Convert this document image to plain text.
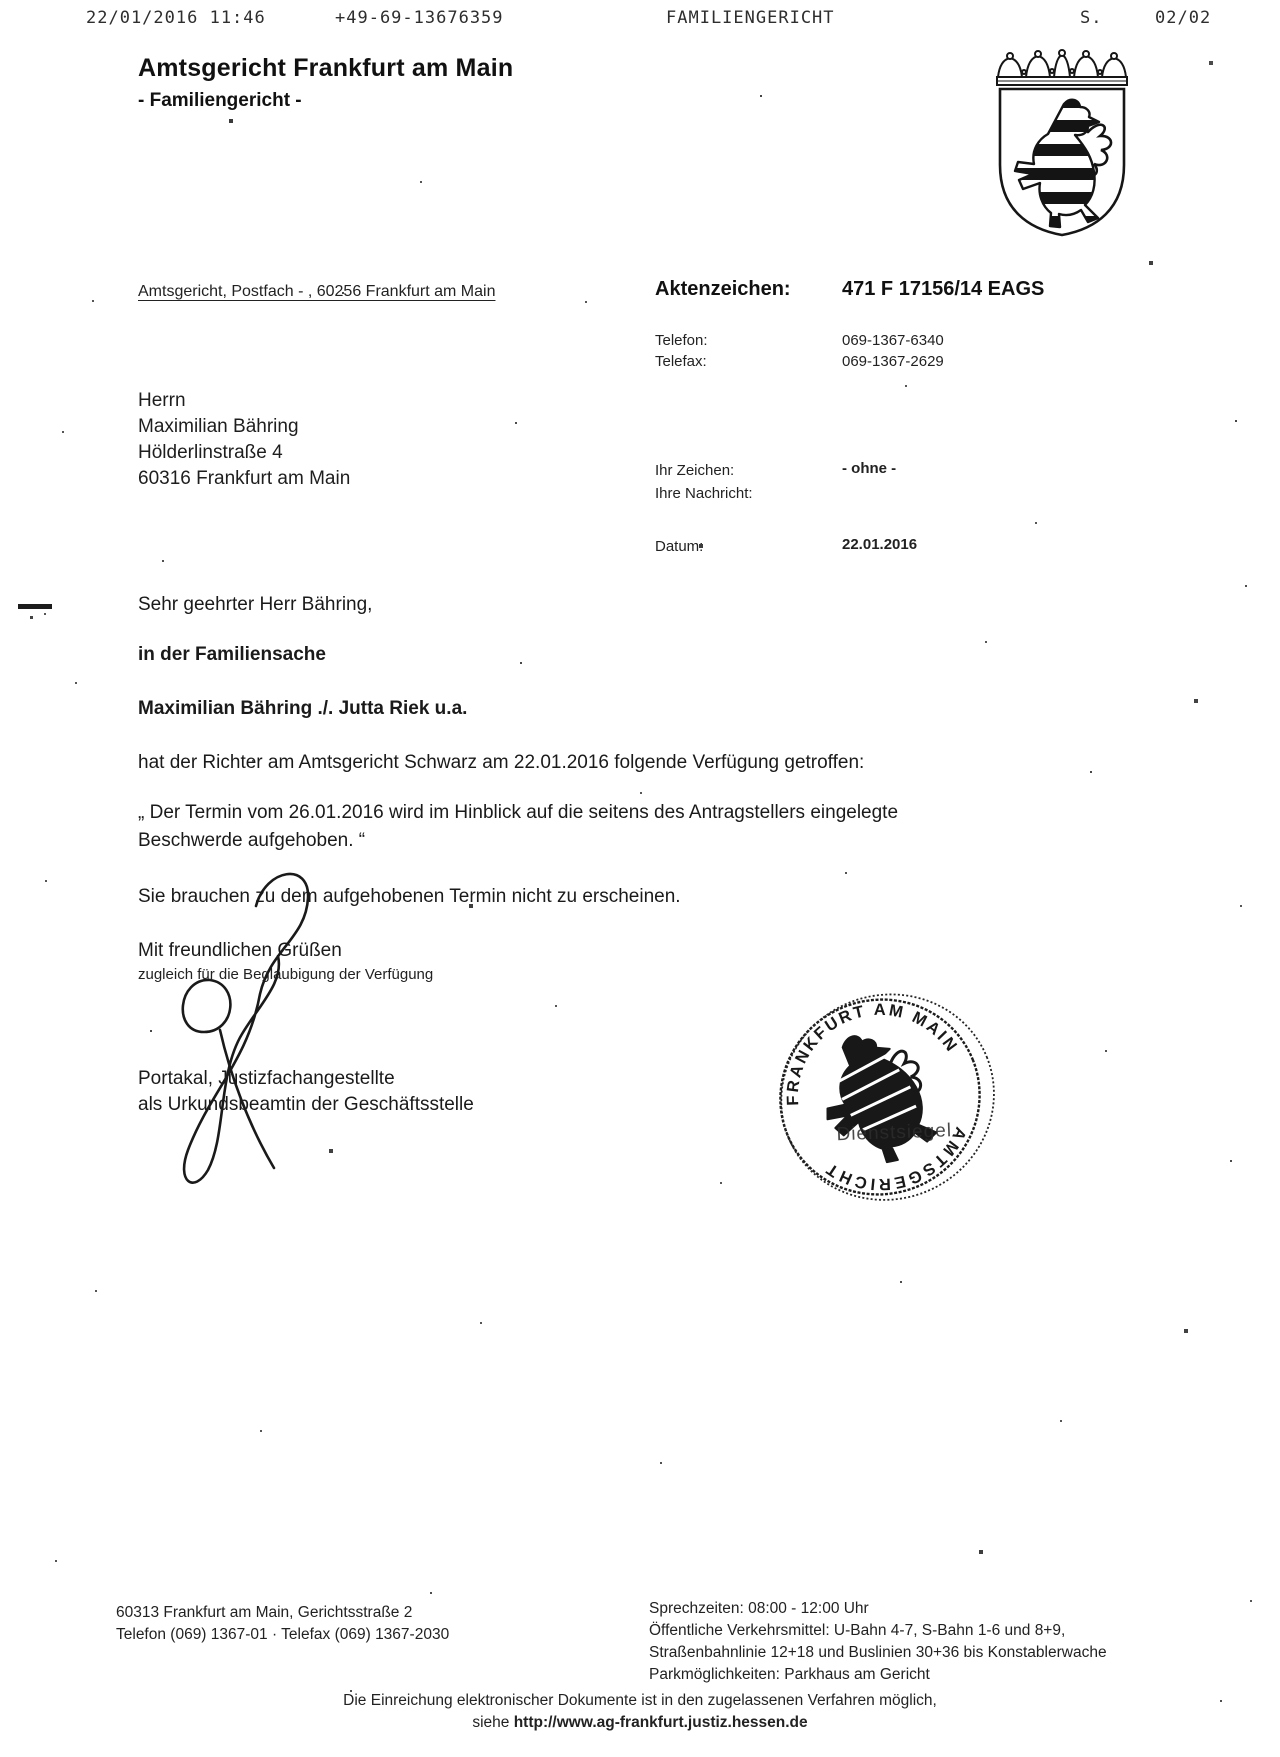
22/01/2016 11:46	+49-69-13676359	FAMILIENGERICHT	S.	02/02
Amtsgericht Frankfurt am Main
- Familiengericht -
Amtsgericht, Postfach - , 60256 Frankfurt am Main	Aktenzeichen:	471 F 17156/14 EAGS
Telefon:	069-1367-6340
Telefax:	069-1367-2629
Ihr Zeichen:	- ohne -
Ihre Nachricht:
Datum:	22.01.2016
Herrn
Maximilian Bähring
Hölderlinstraße 4
60316 Frankfurt am Main
Sehr geehrter Herr Bähring,
in der Familiensache
Maximilian Bähring ./. Jutta Riek u.a.
hat der Richter am Amtsgericht Schwarz am 22.01.2016 folgende Verfügung getroffen:
„ Der Termin vom 26.01.2016 wird im Hinblick auf die seitens des Antragstellers eingelegte
Beschwerde aufgehoben. “
Sie brauchen zu dem aufgehobenen Termin nicht zu erscheinen.
Mit freundlichen Grüßen
zugleich für die Beglaubigung der Verfügung
Portakal, Justizfachangestellte
als Urkundsbeamtin der Geschäftsstelle	FRANKFURT AM MAIN
AMTSGERICHT
Dienstsiegel
60313 Frankfurt am Main, Gerichtsstraße 2
Telefon (069) 1367-01 · Telefax (069) 1367-2030
Sprechzeiten: 08:00 - 12:00 Uhr
Öffentliche Verkehrsmittel: U-Bahn 4-7, S-Bahn 1-6 und 8+9,
Straßenbahnlinie 12+18 und Buslinien 30+36 bis Konstablerwache
Parkmöglichkeiten: Parkhaus am Gericht
Die Einreichung elektronischer Dokumente ist in den zugelassenen Verfahren möglich,
siehe http://www.ag-frankfurt.justiz.hessen.de
